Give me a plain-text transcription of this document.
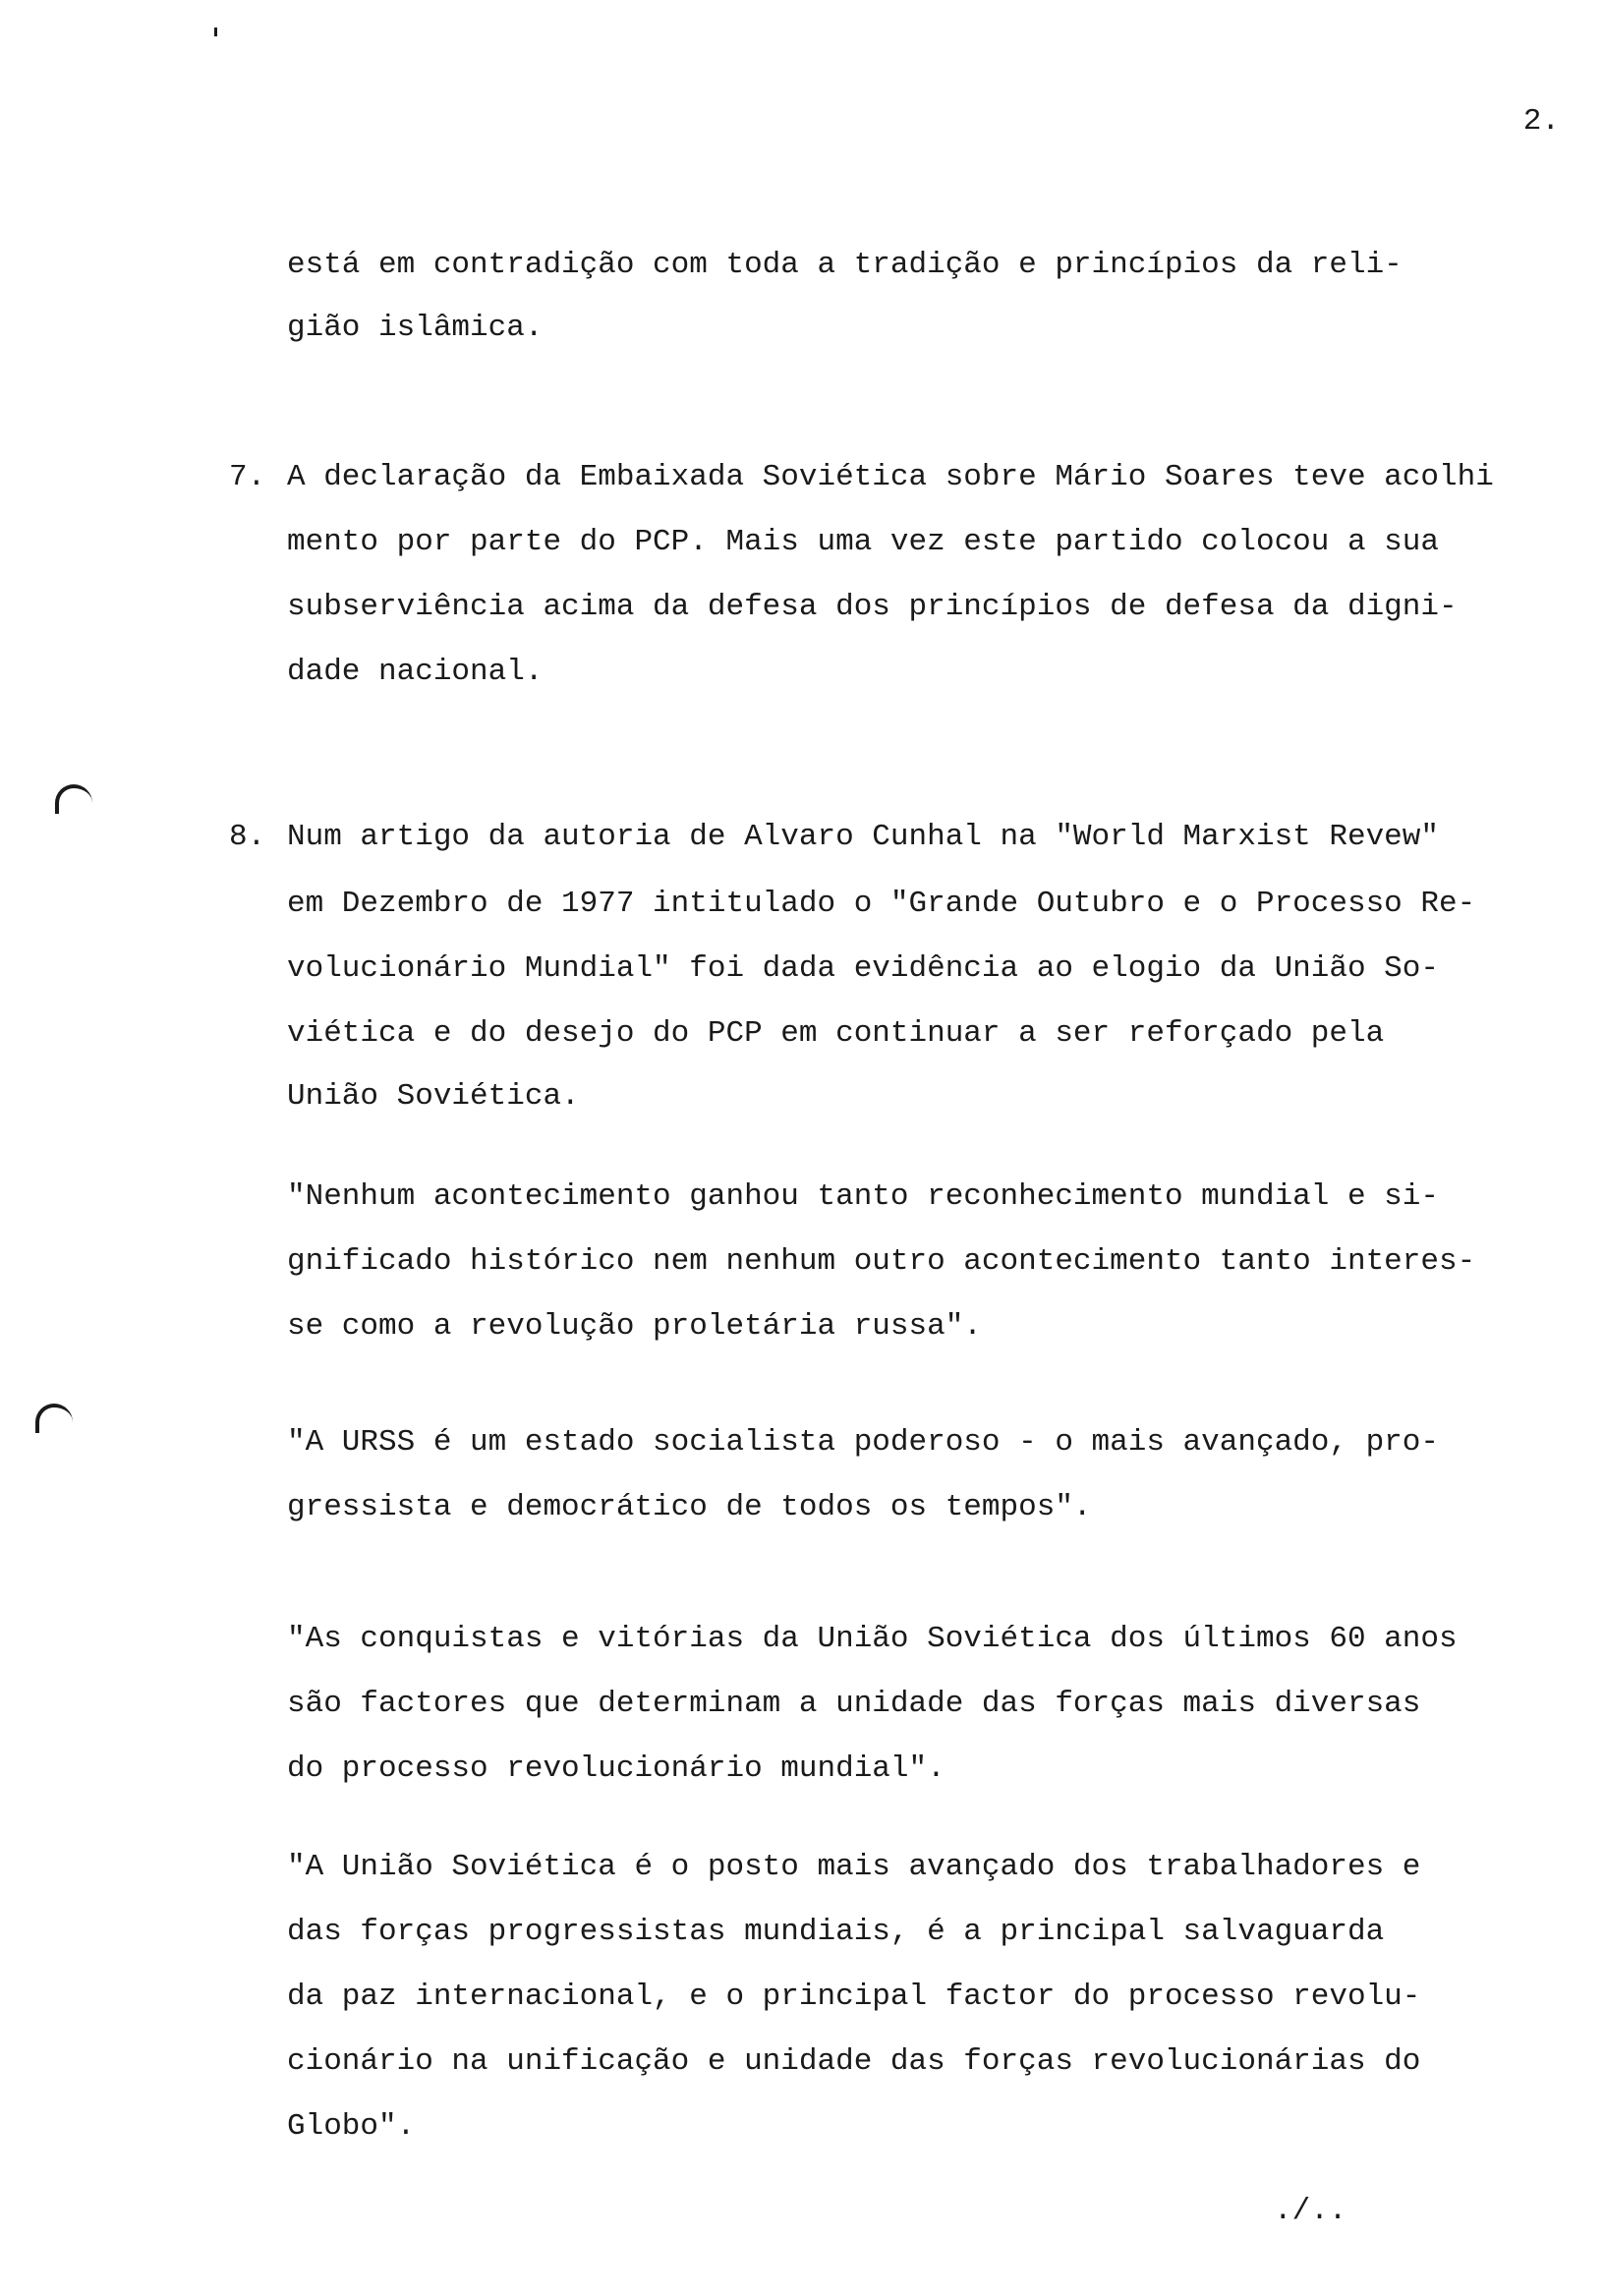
2.
está em contradição com toda a tradição e princípios da reli-
gião islâmica.
7. A declaração da Embaixada Soviética sobre Mário Soares teve acolhi
mento por parte do PCP. Mais uma vez este partido colocou a sua
subserviência acima da defesa dos princípios de defesa da digni-
dade nacional.
8. Num artigo da autoria de Alvaro Cunhal na "World Marxist Revew"
em Dezembro de 1977 intitulado o "Grande Outubro e o Processo Re-
volucionário Mundial" foi dada evidência ao elogio da União So-
viética e do desejo do PCP em continuar a ser reforçado pela
União Soviética.
"Nenhum acontecimento ganhou tanto reconhecimento mundial e si-
gnificado histórico nem nenhum outro acontecimento tanto interes-
se como a revolução proletária russa".
"A URSS é um estado socialista poderoso - o mais avançado, pro-
gressista e democrático de todos os tempos".
"As conquistas e vitórias da União Soviética dos últimos 60 anos
são factores que determinam a unidade das forças mais diversas
do processo revolucionário mundial".
"A União Soviética é o posto mais avançado dos trabalhadores e
das forças progressistas mundiais, é a principal salvaguarda
da paz internacional, e o principal factor do processo revolu-
cionário na unificação e unidade das forças revolucionárias do
Globo".
./..
